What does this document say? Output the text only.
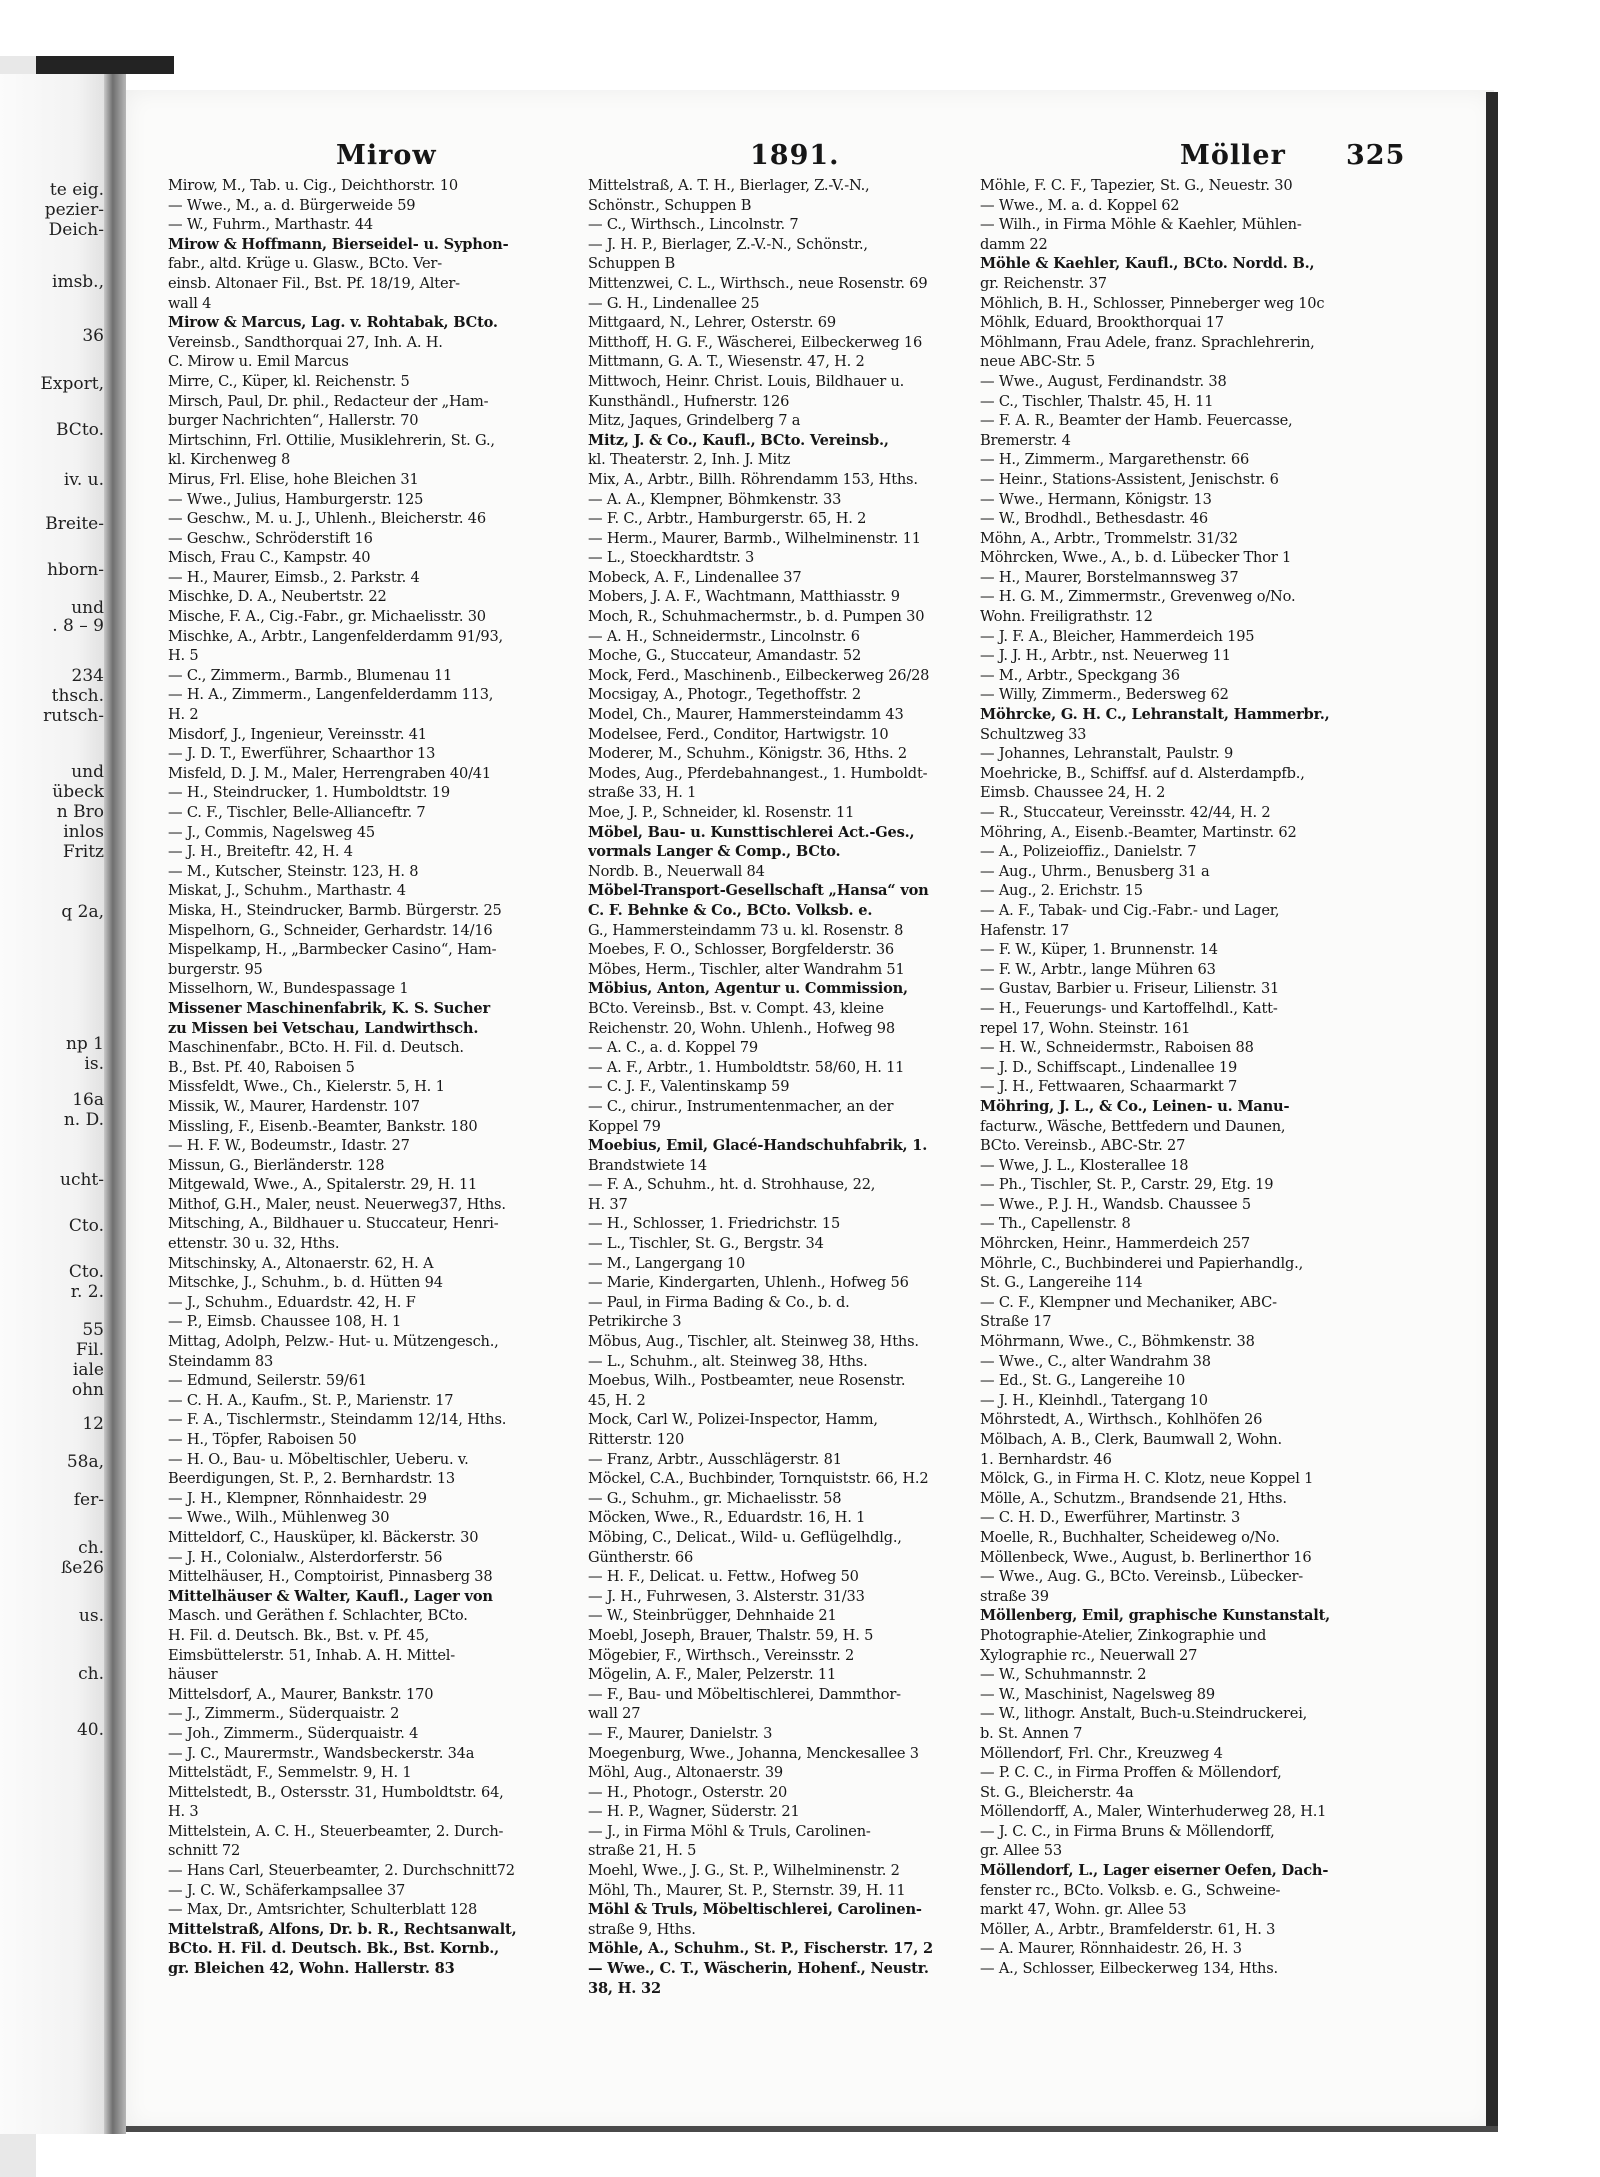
te eig.
pezier-
Deich-
imsb.,
36
Export,
BCto.
iv. u.
Breite-
hborn-
und
. 8 – 9
234
thsch.
rutsch-
und
übeck
n Bro
inlos
Fritz
q 2a,
np 1
is.
16a
n. D.
ucht-
Cto.
Cto.
r. 2.
55
Fil.
iale
ohn
12
58a,
fer-
ch.
ße26
us.
ch.
40.
Mirow	1891.	Möller 325
Mirow, M., Tab. u. Cig., Deichthorstr. 10
— Wwe., M., a. d. Bürgerweide 59
— W., Fuhrm., Marthastr. 44
Mirow & Hoffmann, Bierseidel- u. Syphon-
fabr., altd. Krüge u. Glasw., BCto. Ver-
einsb. Altonaer Fil., Bst. Pf. 18/19, Alter-
wall 4
Mirow & Marcus, Lag. v. Rohtabak, BCto.
Vereinsb., Sandthorquai 27, Inh. A. H.
C. Mirow u. Emil Marcus
Mirre, C., Küper, kl. Reichenstr. 5
Mirsch, Paul, Dr. phil., Redacteur der „Ham-
burger Nachrichten“, Hallerstr. 70
Mirtschinn, Frl. Ottilie, Musiklehrerin, St. G.,
kl. Kirchenweg 8
Mirus, Frl. Elise, hohe Bleichen 31
— Wwe., Julius, Hamburgerstr. 125
— Geschw., M. u. J., Uhlenh., Bleicherstr. 46
— Geschw., Schröderstift 16
Misch, Frau C., Kampstr. 40
— H., Maurer, Eimsb., 2. Parkstr. 4
Mischke, D. A., Neubertstr. 22
Mische, F. A., Cig.-Fabr., gr. Michaelisstr. 30
Mischke, A., Arbtr., Langenfelderdamm 91/93,
H. 5
— C., Zimmerm., Barmb., Blumenau 11
— H. A., Zimmerm., Langenfelderdamm 113,
H. 2
Misdorf, J., Ingenieur, Vereinsstr. 41
— J. D. T., Ewerführer, Schaarthor 13
Misfeld, D. J. M., Maler, Herrengraben 40/41
— H., Steindrucker, 1. Humboldtstr. 19
— C. F., Tischler, Belle-Allianceftr. 7
— J., Commis, Nagelsweg 45
— J. H., Breiteftr. 42, H. 4
— M., Kutscher, Steinstr. 123, H. 8
Miskat, J., Schuhm., Marthastr. 4
Miska, H., Steindrucker, Barmb. Bürgerstr. 25
Mispelhorn, G., Schneider, Gerhardstr. 14/16
Mispelkamp, H., „Barmbecker Casino“, Ham-
burgerstr. 95
Misselhorn, W., Bundespassage 1
Missener Maschinenfabrik, K. S. Sucher
zu Missen bei Vetschau, Landwirthsch.
Maschinenfabr., BCto. H. Fil. d. Deutsch.
B., Bst. Pf. 40, Raboisen 5
Missfeldt, Wwe., Ch., Kielerstr. 5, H. 1
Missik, W., Maurer, Hardenstr. 107
Missling, F., Eisenb.-Beamter, Bankstr. 180
— H. F. W., Bodeumstr., Idastr. 27
Missun, G., Bierländerstr. 128
Mitgewald, Wwe., A., Spitalerstr. 29, H. 11
Mithof, G.H., Maler, neust. Neuerweg37, Hths.
Mitsching, A., Bildhauer u. Stuccateur, Henri-
ettenstr. 30 u. 32, Hths.
Mitschinsky, A., Altonaerstr. 62, H. A
Mitschke, J., Schuhm., b. d. Hütten 94
— J., Schuhm., Eduardstr. 42, H. F
— P., Eimsb. Chaussee 108, H. 1
Mittag, Adolph, Pelzw.- Hut- u. Mützengesch.,
Steindamm 83
— Edmund, Seilerstr. 59/61
— C. H. A., Kaufm., St. P., Marienstr. 17
— F. A., Tischlermstr., Steindamm 12/14, Hths.
— H., Töpfer, Raboisen 50
— H. O., Bau- u. Möbeltischler, Ueberu. v.
Beerdigungen, St. P., 2. Bernhardstr. 13
— J. H., Klempner, Rönnhaidestr. 29
— Wwe., Wilh., Mühlenweg 30
Mitteldorf, C., Hausküper, kl. Bäckerstr. 30
— J. H., Colonialw., Alsterdorferstr. 56
Mittelhäuser, H., Comptoirist, Pinnasberg 38
Mittelhäuser & Walter, Kaufl., Lager von
Masch. und Geräthen f. Schlachter, BCto.
H. Fil. d. Deutsch. Bk., Bst. v. Pf. 45,
Eimsbüttelerstr. 51, Inhab. A. H. Mittel-
häuser
Mittelsdorf, A., Maurer, Bankstr. 170
— J., Zimmerm., Süderquaistr. 2
— Joh., Zimmerm., Süderquaistr. 4
— J. C., Maurermstr., Wandsbeckerstr. 34a
Mittelstädt, F., Semmelstr. 9, H. 1
Mittelstedt, B., Ostersstr. 31, Humboldtstr. 64,
H. 3
Mittelstein, A. C. H., Steuerbeamter, 2. Durch-
schnitt 72
— Hans Carl, Steuerbeamter, 2. Durchschnitt72
— J. C. W., Schäferkampsallee 37
— Max, Dr., Amtsrichter, Schulterblatt 128
Mittelstraß, Alfons, Dr. b. R., Rechtsanwalt,
BCto. H. Fil. d. Deutsch. Bk., Bst. Kornb.,
gr. Bleichen 42, Wohn. Hallerstr. 83
Mittelstraß, A. T. H., Bierlager, Z.-V.-N.,
Schönstr., Schuppen B
— C., Wirthsch., Lincolnstr. 7
— J. H. P., Bierlager, Z.-V.-N., Schönstr.,
Schuppen B
Mittenzwei, C. L., Wirthsch., neue Rosenstr. 69
— G. H., Lindenallee 25
Mittgaard, N., Lehrer, Osterstr. 69
Mitthoff, H. G. F., Wäscherei, Eilbeckerweg 16
Mittmann, G. A. T., Wiesenstr. 47, H. 2
Mittwoch, Heinr. Christ. Louis, Bildhauer u.
Kunsthändl., Hufnerstr. 126
Mitz, Jaques, Grindelberg 7 a
Mitz, J. & Co., Kaufl., BCto. Vereinsb.,
kl. Theaterstr. 2, Inh. J. Mitz
Mix, A., Arbtr., Billh. Röhrendamm 153, Hths.
— A. A., Klempner, Böhmkenstr. 33
— F. C., Arbtr., Hamburgerstr. 65, H. 2
— Herm., Maurer, Barmb., Wilhelminenstr. 11
— L., Stoeckhardtstr. 3
Mobeck, A. F., Lindenallee 37
Mobers, J. A. F., Wachtmann, Matthiasstr. 9
Moch, R., Schuhmachermstr., b. d. Pumpen 30
— A. H., Schneidermstr., Lincolnstr. 6
Moche, G., Stuccateur, Amandastr. 52
Mock, Ferd., Maschinenb., Eilbeckerweg 26/28
Mocsigay, A., Photogr., Tegethoffstr. 2
Model, Ch., Maurer, Hammersteindamm 43
Modelsee, Ferd., Conditor, Hartwigstr. 10
Moderer, M., Schuhm., Königstr. 36, Hths. 2
Modes, Aug., Pferdebahnangest., 1. Humboldt-
straße 33, H. 1
Moe, J. P., Schneider, kl. Rosenstr. 11
Möbel, Bau- u. Kunsttischlerei Act.-Ges.,
vormals Langer & Comp., BCto.
Nordb. B., Neuerwall 84
Möbel-Transport-Gesellschaft „Hansa“ von
C. F. Behnke & Co., BCto. Volksb. e.
G., Hammersteindamm 73 u. kl. Rosenstr. 8
Moebes, F. O., Schlosser, Borgfelderstr. 36
Möbes, Herm., Tischler, alter Wandrahm 51
Möbius, Anton, Agentur u. Commission,
BCto. Vereinsb., Bst. v. Compt. 43, kleine
Reichenstr. 20, Wohn. Uhlenh., Hofweg 98
— A. C., a. d. Koppel 79
— A. F., Arbtr., 1. Humboldtstr. 58/60, H. 11
— C. J. F., Valentinskamp 59
— C., chirur., Instrumentenmacher, an der
Koppel 79
Moebius, Emil, Glacé-Handschuhfabrik, 1.
Brandstwiete 14
— F. A., Schuhm., ht. d. Strohhause, 22,
H. 37
— H., Schlosser, 1. Friedrichstr. 15
— L., Tischler, St. G., Bergstr. 34
— M., Langergang 10
— Marie, Kindergarten, Uhlenh., Hofweg 56
— Paul, in Firma Bading & Co., b. d.
Petrikirche 3
Möbus, Aug., Tischler, alt. Steinweg 38, Hths.
— L., Schuhm., alt. Steinweg 38, Hths.
Moebus, Wilh., Postbeamter, neue Rosenstr.
45, H. 2
Mock, Carl W., Polizei-Inspector, Hamm,
Ritterstr. 120
— Franz, Arbtr., Ausschlägerstr. 81
Möckel, C.A., Buchbinder, Tornquiststr. 66, H.2
— G., Schuhm., gr. Michaelisstr. 58
Möcken, Wwe., R., Eduardstr. 16, H. 1
Möbing, C., Delicat., Wild- u. Geflügelhdlg.,
Güntherstr. 66
— H. F., Delicat. u. Fettw., Hofweg 50
— J. H., Fuhrwesen, 3. Alsterstr. 31/33
— W., Steinbrügger, Dehnhaide 21
Moebl, Joseph, Brauer, Thalstr. 59, H. 5
Mögebier, F., Wirthsch., Vereinsstr. 2
Mögelin, A. F., Maler, Pelzerstr. 11
— F., Bau- und Möbeltischlerei, Dammthor-
wall 27
— F., Maurer, Danielstr. 3
Moegenburg, Wwe., Johanna, Menckesallee 3
Möhl, Aug., Altonaerstr. 39
— H., Photogr., Osterstr. 20
— H. P., Wagner, Süderstr. 21
— J., in Firma Möhl & Truls, Carolinen-
straße 21, H. 5
Moehl, Wwe., J. G., St. P., Wilhelminenstr. 2
Möhl, Th., Maurer, St. P., Sternstr. 39, H. 11
Möhl & Truls, Möbeltischlerei, Carolinen-
straße 9, Hths.
Möhle, A., Schuhm., St. P., Fischerstr. 17, 2
— Wwe., C. T., Wäscherin, Hohenf., Neustr.
38, H. 32
Möhle, F. C. F., Tapezier, St. G., Neuestr. 30
— Wwe., M. a. d. Koppel 62
— Wilh., in Firma Möhle & Kaehler, Mühlen-
damm 22
Möhle & Kaehler, Kaufl., BCto. Nordd. B.,
gr. Reichenstr. 37
Möhlich, B. H., Schlosser, Pinneberger weg 10c
Möhlk, Eduard, Brookthorquai 17
Möhlmann, Frau Adele, franz. Sprachlehrerin,
neue ABC-Str. 5
— Wwe., August, Ferdinandstr. 38
— C., Tischler, Thalstr. 45, H. 11
— F. A. R., Beamter der Hamb. Feuercasse,
Bremerstr. 4
— H., Zimmerm., Margarethenstr. 66
— Heinr., Stations-Assistent, Jenischstr. 6
— Wwe., Hermann, Königstr. 13
— W., Brodhdl., Bethesdastr. 46
Möhn, A., Arbtr., Trommelstr. 31/32
Möhrcken, Wwe., A., b. d. Lübecker Thor 1
— H., Maurer, Borstelmannsweg 37
— H. G. M., Zimmermstr., Grevenweg o/No.
Wohn. Freiligrathstr. 12
— J. F. A., Bleicher, Hammerdeich 195
— J. J. H., Arbtr., nst. Neuerweg 11
— M., Arbtr., Speckgang 36
— Willy, Zimmerm., Bedersweg 62
Möhrcke, G. H. C., Lehranstalt, Hammerbr.,
Schultzweg 33
— Johannes, Lehranstalt, Paulstr. 9
Moehricke, B., Schiffsf. auf d. Alsterdampfb.,
Eimsb. Chaussee 24, H. 2
— R., Stuccateur, Vereinsstr. 42/44, H. 2
Möhring, A., Eisenb.-Beamter, Martinstr. 62
— A., Polizeioffiz., Danielstr. 7
— Aug., Uhrm., Benusberg 31 a
— Aug., 2. Erichstr. 15
— A. F., Tabak- und Cig.-Fabr.- und Lager,
Hafenstr. 17
— F. W., Küper, 1. Brunnenstr. 14
— F. W., Arbtr., lange Mühren 63
— Gustav, Barbier u. Friseur, Lilienstr. 31
— H., Feuerungs- und Kartoffelhdl., Katt-
repel 17, Wohn. Steinstr. 161
— H. W., Schneidermstr., Raboisen 88
— J. D., Schiffscapt., Lindenallee 19
— J. H., Fettwaaren, Schaarmarkt 7
Möhring, J. L., & Co., Leinen- u. Manu-
facturw., Wäsche, Bettfedern und Daunen,
BCto. Vereinsb., ABC-Str. 27
— Wwe, J. L., Klosterallee 18
— Ph., Tischler, St. P., Carstr. 29, Etg. 19
— Wwe., P. J. H., Wandsb. Chaussee 5
— Th., Capellenstr. 8
Möhrcken, Heinr., Hammerdeich 257
Möhrle, C., Buchbinderei und Papierhandlg.,
St. G., Langereihe 114
— C. F., Klempner und Mechaniker, ABC-
Straße 17
Möhrmann, Wwe., C., Böhmkenstr. 38
— Wwe., C., alter Wandrahm 38
— Ed., St. G., Langereihe 10
— J. H., Kleinhdl., Tatergang 10
Möhrstedt, A., Wirthsch., Kohlhöfen 26
Mölbach, A. B., Clerk, Baumwall 2, Wohn.
1. Bernhardstr. 46
Mölck, G., in Firma H. C. Klotz, neue Koppel 1
Mölle, A., Schutzm., Brandsende 21, Hths.
— C. H. D., Ewerführer, Martinstr. 3
Moelle, R., Buchhalter, Scheideweg o/No.
Möllenbeck, Wwe., August, b. Berlinerthor 16
— Wwe., Aug. G., BCto. Vereinsb., Lübecker-
straße 39
Möllenberg, Emil, graphische Kunstanstalt,
Photographie-Atelier, Zinkographie und
Xylographie rc., Neuerwall 27
— W., Schuhmannstr. 2
— W., Maschinist, Nagelsweg 89
— W., lithogr. Anstalt, Buch-u.Steindruckerei,
b. St. Annen 7
Möllendorf, Frl. Chr., Kreuzweg 4
— P. C. C., in Firma Proffen & Möllendorf,
St. G., Bleicherstr. 4a
Möllendorff, A., Maler, Winterhuderweg 28, H.1
— J. C. C., in Firma Bruns & Möllendorff,
gr. Allee 53
Möllendorf, L., Lager eiserner Oefen, Dach-
fenster rc., BCto. Volksb. e. G., Schweine-
markt 47, Wohn. gr. Allee 53
Möller, A., Arbtr., Bramfelderstr. 61, H. 3
— A. Maurer, Rönnhaidestr. 26, H. 3
— A., Schlosser, Eilbeckerweg 134, Hths.
